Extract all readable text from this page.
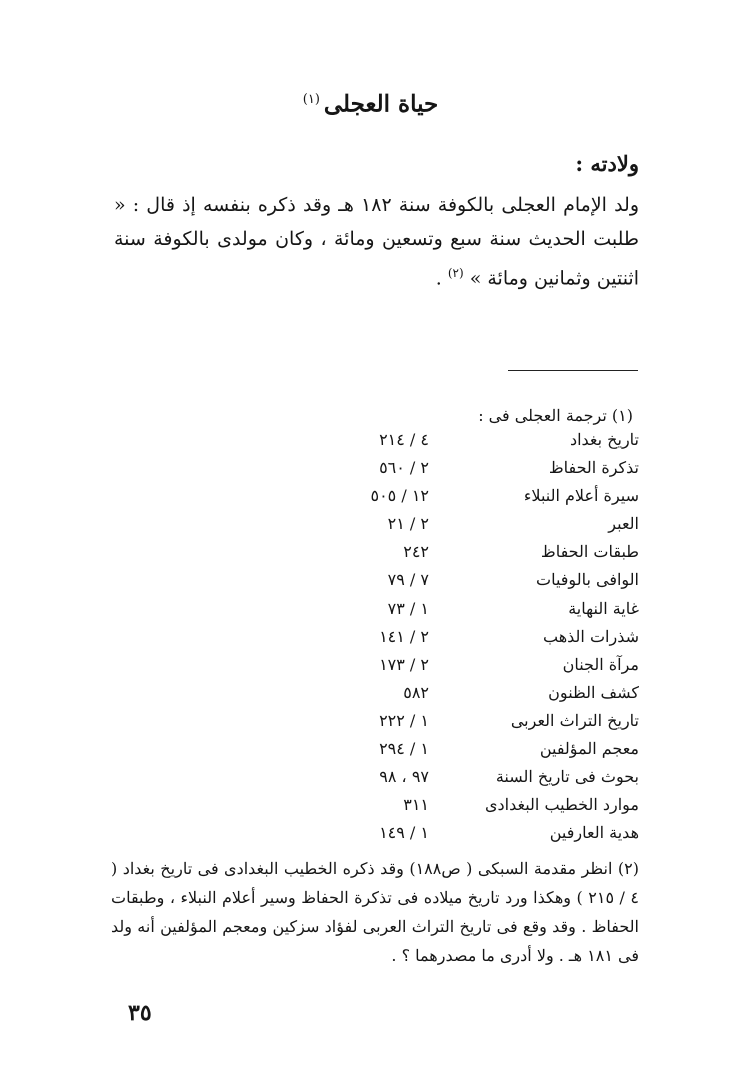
حياة العجلى$^{(١)}$
ولادته :
ولد الإمام العجلى بالكوفة سنة ١٨٢ هـ وقد ذكره بنفسه إذ قال : « طلبت الحديث سنة سبع وتسعين ومائة ، وكان مولدى بالكوفة سنة اثنتين وثمانين ومائة » $^{(٢)}$ .
(١) ترجمة العجلى فى :
تاريخ بغداد
٤ / ٢١٤
تذكرة الحفاظ
٢ / ٥٦٠
سيرة أعلام النبلاء
١٢ / ٥٠٥
العبر
٢ / ٢١
طبقات الحفاظ
٢٤٢
الوافى بالوفيات
٧ / ٧٩
غاية النهاية
١ / ٧٣
شذرات الذهب
٢ / ١٤١
مرآة الجنان
٢ / ١٧٣
كشف الظنون
٥٨٢
تاريخ التراث العربى
١ / ٢٢٢
معجم المؤلفين
١ / ٢٩٤
بحوث فى تاريخ السنة
٩٧ ، ٩٨
موارد الخطيب البغدادى
٣١١
هدية العارفين
١ / ١٤٩
(٢) انظر مقدمة السبكى ( ص١٨٨) وقد ذكره الخطيب البغدادى فى تاريخ بغداد ( ٤ / ٢١٥ ) وهكذا ورد تاريخ ميلاده فى تذكرة الحفاظ وسير أعلام النبلاء ، وطبقات الحفاظ . وقد وقع فى تاريخ التراث العربى لفؤاد سزكين ومعجم المؤلفين أنه ولد فى ١٨١ هـ . ولا أدرى ما مصدرهما ؟ .
٣٥
